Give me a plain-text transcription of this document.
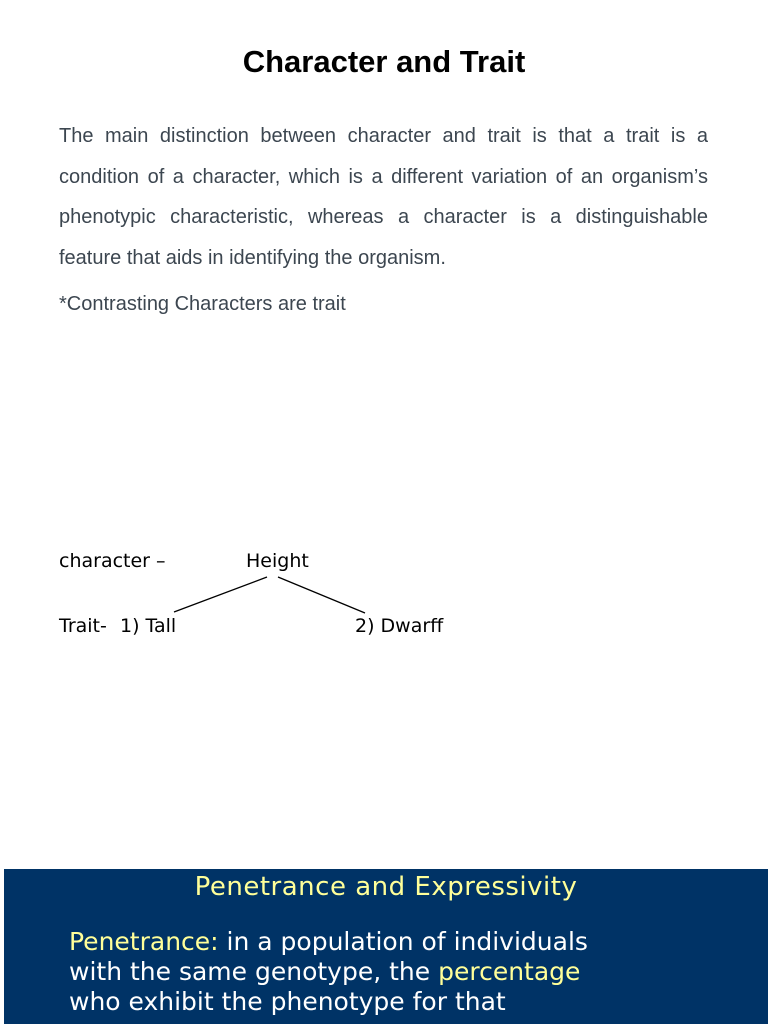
Character and Trait
The main distinction between character and trait is that a trait is a condition of a character, which is a different variation of an organism’s phenotypic characteristic, whereas a character is a distinguishable feature that aids in identifying the organism.
*Contrasting Characters are trait
character –	Height
Trait- 1) Tall	2) Dwarff
Penetrance and Expressivity
Penetrance: in a population of individuals
with the same genotype, the percentage
who exhibit the phenotype for that
